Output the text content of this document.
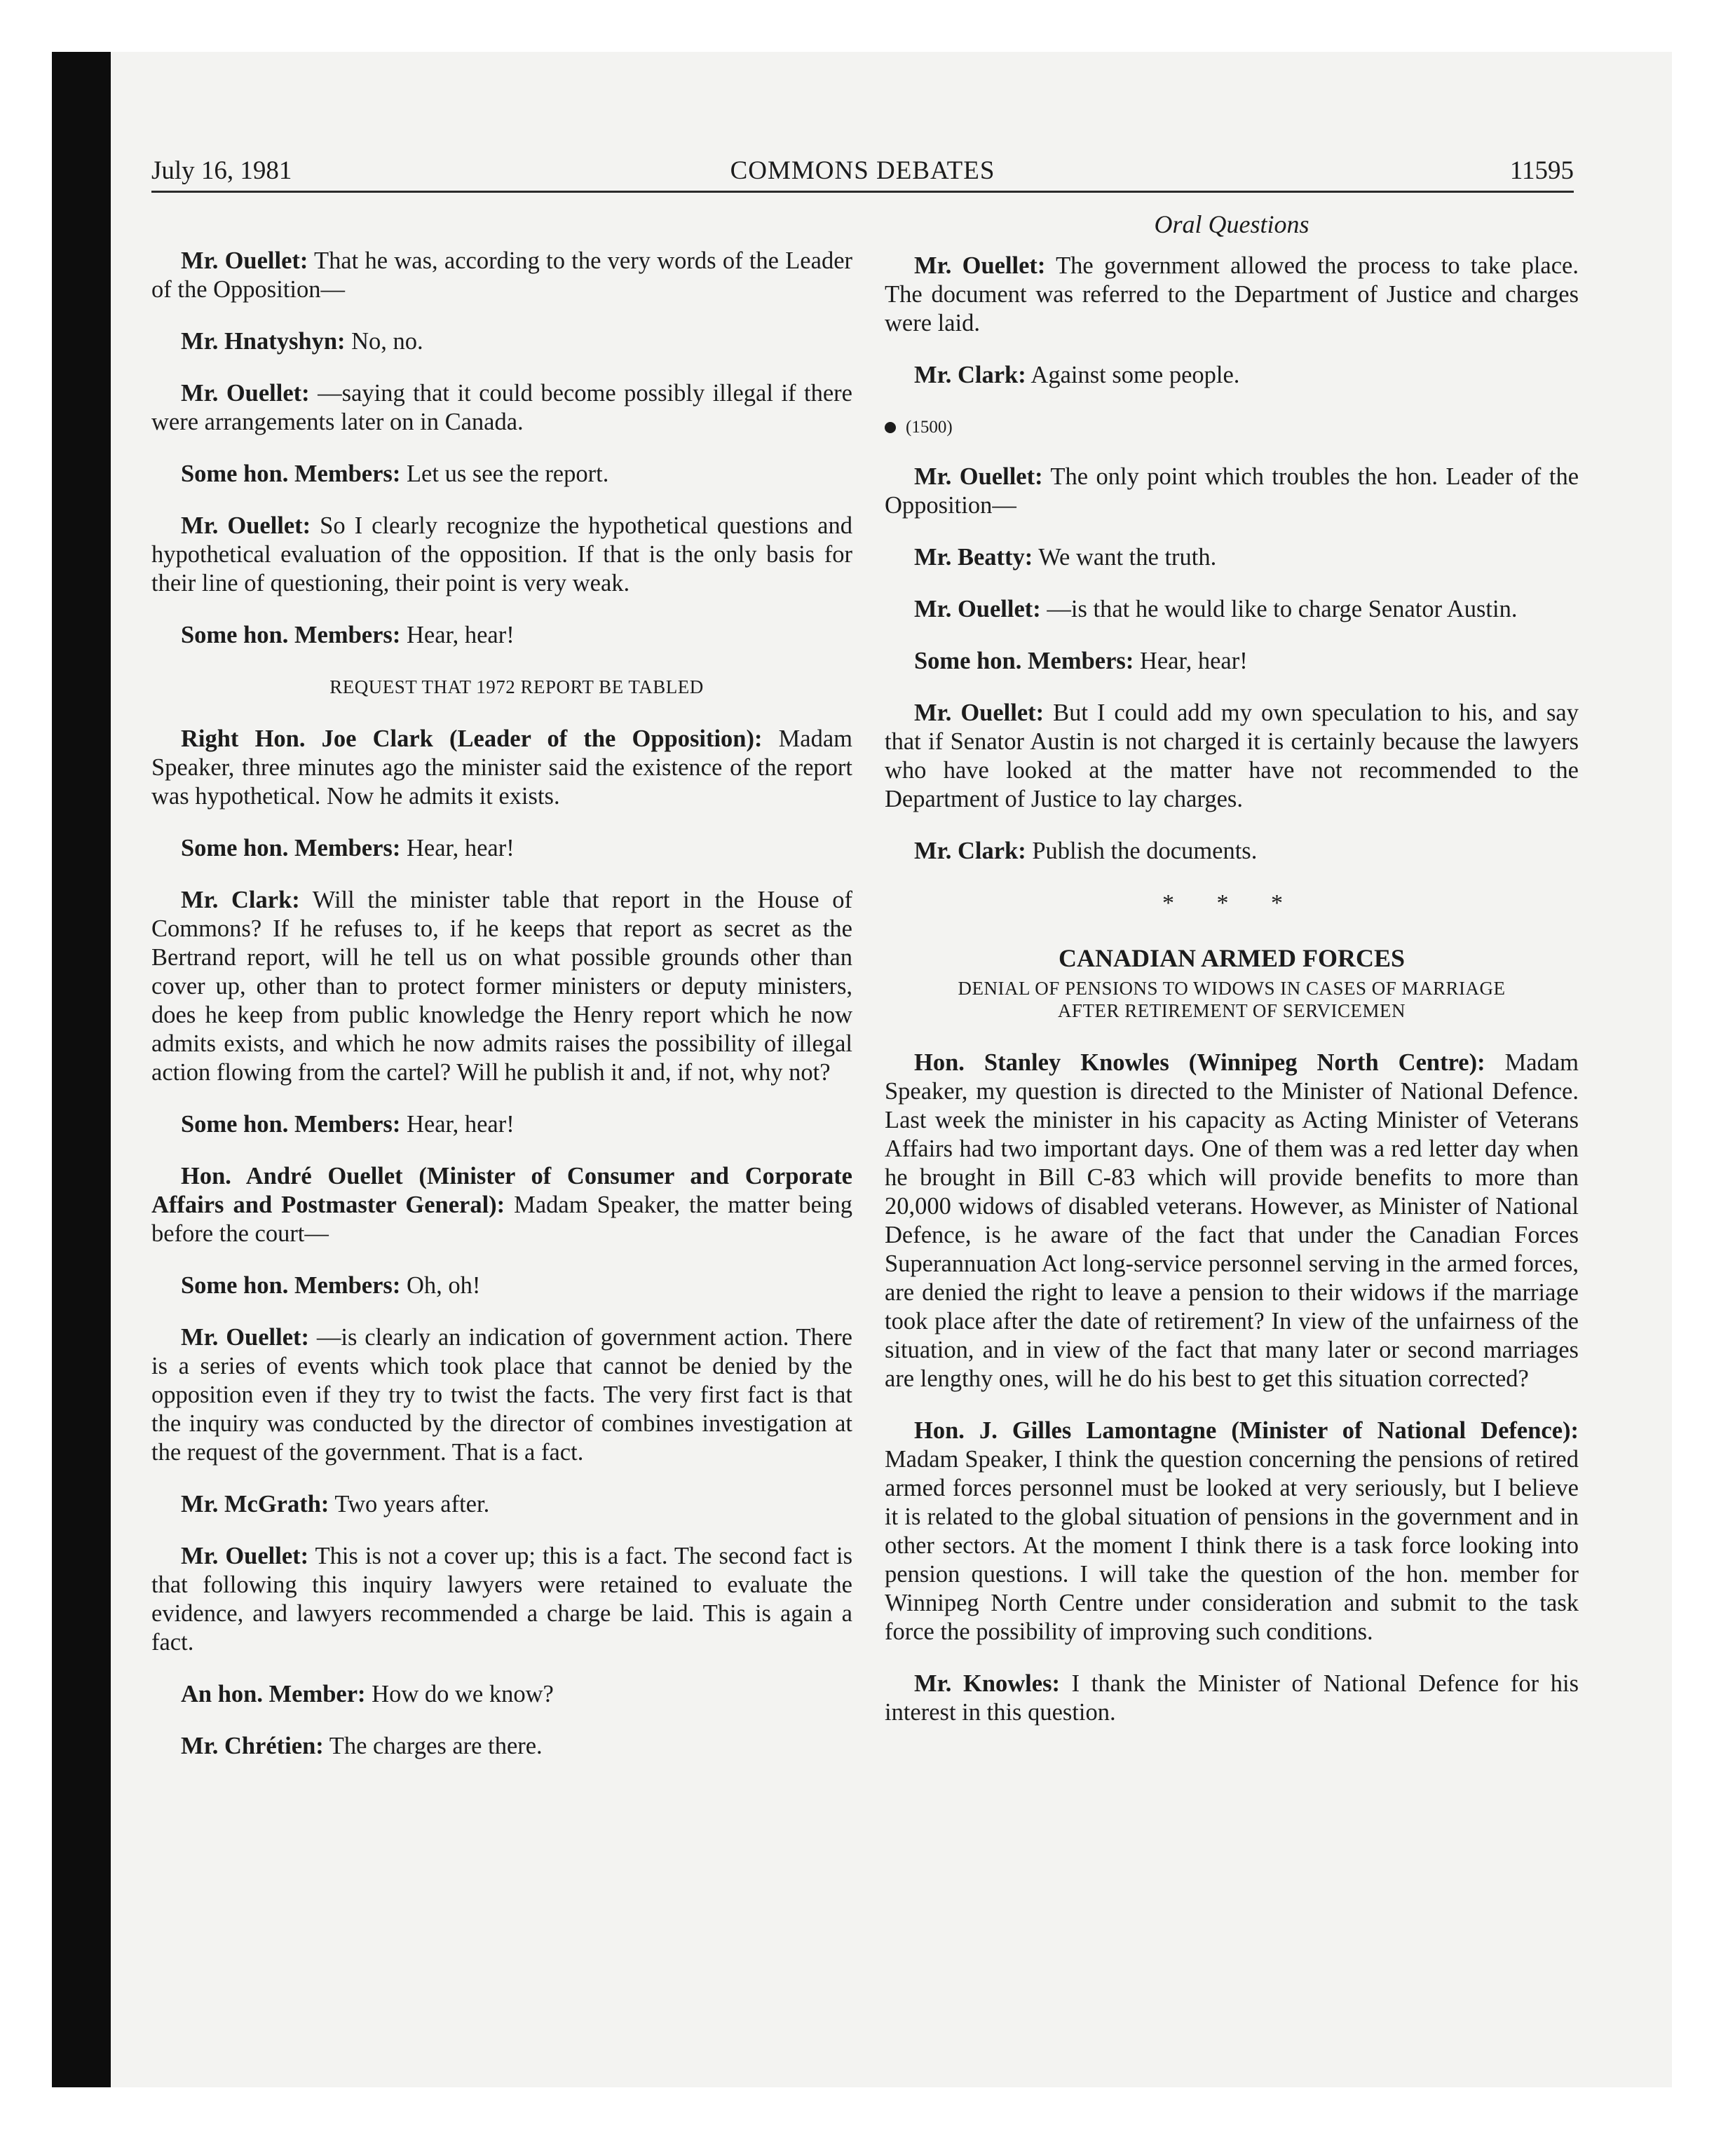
July 16, 1981	COMMONS DEBATES	11595

Mr. Ouellet: That he was, according to the very words of the Leader of the Opposition—

Mr. Hnatyshyn: No, no.

Mr. Ouellet: —saying that it could become possibly illegal if there were arrangements later on in Canada.

Some hon. Members: Let us see the report.

Mr. Ouellet: So I clearly recognize the hypothetical questions and hypothetical evaluation of the opposition. If that is the only basis for their line of questioning, their point is very weak.

Some hon. Members: Hear, hear!

REQUEST THAT 1972 REPORT BE TABLED

Right Hon. Joe Clark (Leader of the Opposition): Madam Speaker, three minutes ago the minister said the existence of the report was hypothetical. Now he admits it exists.

Some hon. Members: Hear, hear!

Mr. Clark: Will the minister table that report in the House of Commons? If he refuses to, if he keeps that report as secret as the Bertrand report, will he tell us on what possible grounds other than cover up, other than to protect former ministers or deputy ministers, does he keep from public knowledge the Henry report which he now admits exists, and which he now admits raises the possibility of illegal action flowing from the cartel? Will he publish it and, if not, why not?

Some hon. Members: Hear, hear!

Hon. André Ouellet (Minister of Consumer and Corporate Affairs and Postmaster General): Madam Speaker, the matter being before the court—

Some hon. Members: Oh, oh!

Mr. Ouellet: —is clearly an indication of government action. There is a series of events which took place that cannot be denied by the opposition even if they try to twist the facts. The very first fact is that the inquiry was conducted by the director of combines investigation at the request of the government. That is a fact.

Mr. McGrath: Two years after.

Mr. Ouellet: This is not a cover up; this is a fact. The second fact is that following this inquiry lawyers were retained to evaluate the evidence, and lawyers recommended a charge be laid. This is again a fact.

An hon. Member: How do we know?

Mr. Chrétien: The charges are there.

Oral Questions

Mr. Ouellet: The government allowed the process to take place. The document was referred to the Department of Justice and charges were laid.

Mr. Clark: Against some people.

(1500)

Mr. Ouellet: The only point which troubles the hon. Leader of the Opposition—

Mr. Beatty: We want the truth.

Mr. Ouellet: —is that he would like to charge Senator Austin.

Some hon. Members: Hear, hear!

Mr. Ouellet: But I could add my own speculation to his, and say that if Senator Austin is not charged it is certainly because the lawyers who have looked at the matter have not recommended to the Department of Justice to lay charges.

Mr. Clark: Publish the documents.

* * *
CANADIAN ARMED FORCES
DENIAL OF PENSIONS TO WIDOWS IN CASES OF MARRIAGE
AFTER RETIREMENT OF SERVICEMEN

Hon. Stanley Knowles (Winnipeg North Centre): Madam Speaker, my question is directed to the Minister of National Defence. Last week the minister in his capacity as Acting Minister of Veterans Affairs had two important days. One of them was a red letter day when he brought in Bill C-83 which will provide benefits to more than 20,000 widows of disabled veterans. However, as Minister of National Defence, is he aware of the fact that under the Canadian Forces Superannuation Act long-service personnel serving in the armed forces, are denied the right to leave a pension to their widows if the marriage took place after the date of retirement? In view of the unfairness of the situation, and in view of the fact that many later or second marriages are lengthy ones, will he do his best to get this situation corrected?

Hon. J. Gilles Lamontagne (Minister of National Defence): Madam Speaker, I think the question concerning the pensions of retired armed forces personnel must be looked at very seriously, but I believe it is related to the global situation of pensions in the government and in other sectors. At the moment I think there is a task force looking into pension questions. I will take the question of the hon. member for Winnipeg North Centre under consideration and submit to the task force the possibility of improving such conditions.

Mr. Knowles: I thank the Minister of National Defence for his interest in this question.
